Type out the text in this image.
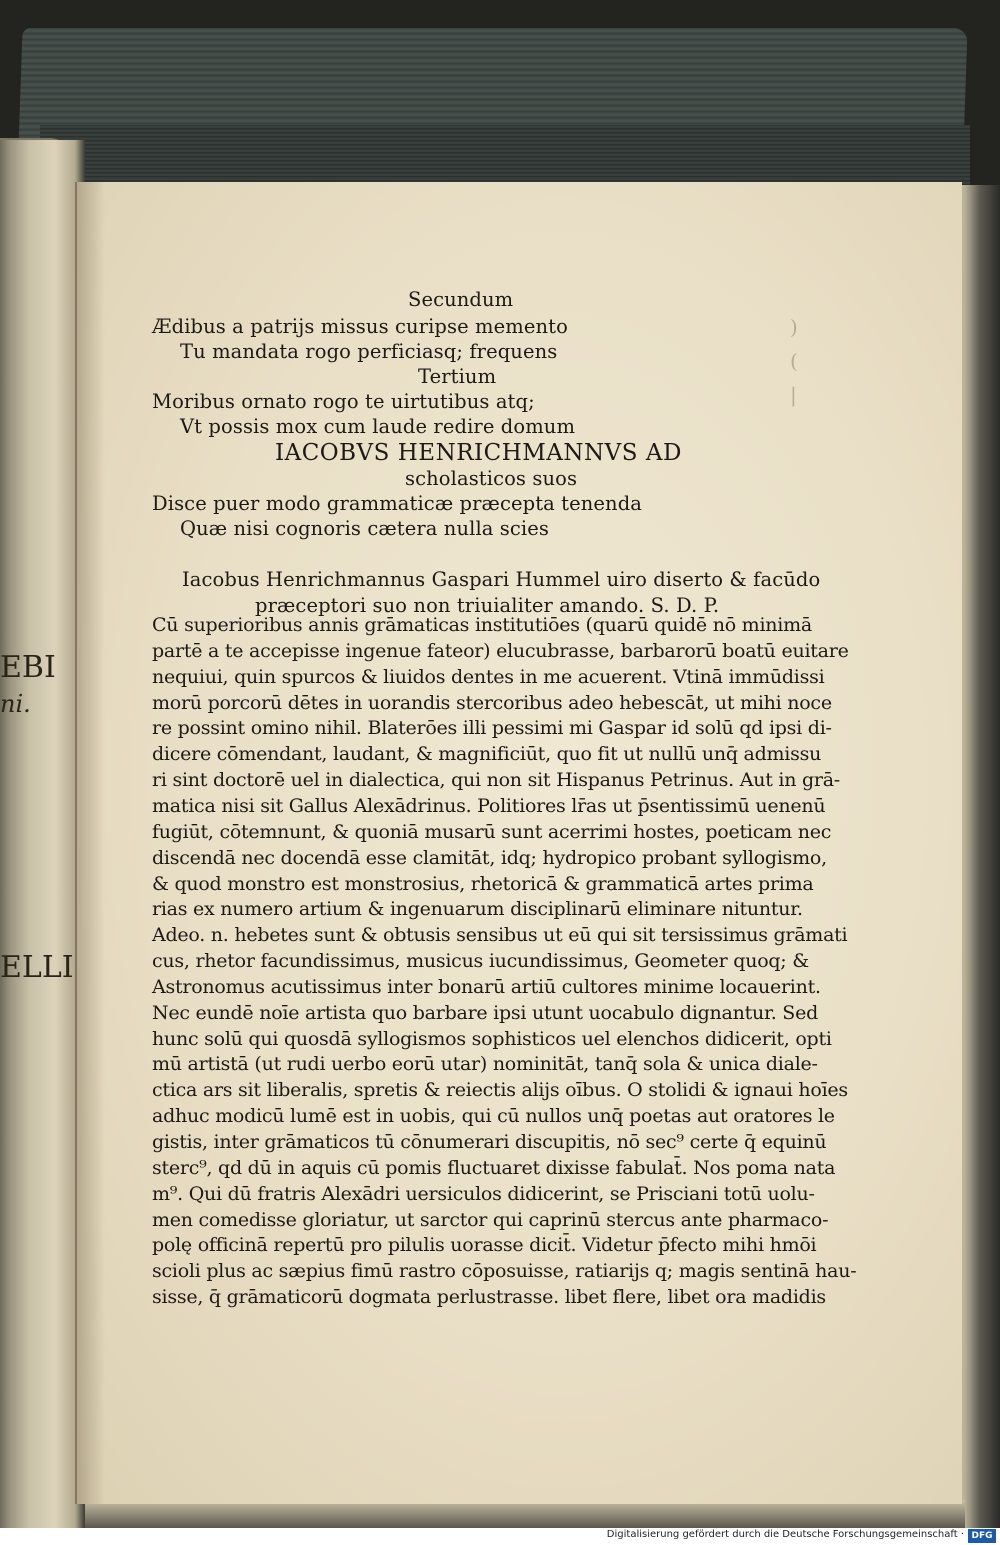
EBI
ni.
ELLI
)
(
|
Secundum
Ædibus a patrijs missus curipse memento
Tu mandata rogo perficiasq; frequens
Tertium
Moribus ornato rogo te uirtutibus atq;
Vt possis mox cum laude redire domum
IACOBVS HENRICHMANNVS AD
scholasticos suos
Disce puer modo grammaticæ præcepta tenenda
Quæ nisi cognoris cætera nulla scies
Iacobus Henrichmannus Gaspari Hummel uiro diserto & facūdo
præceptori suo non triuialiter amando. S. D. P.
Cū superioribus annis grāmaticas institutiōes (quarū quidē nō minimā
partē a te accepisse ingenue fateor) elucubrasse, barbarorū boatū euitare
nequiui, quin spurcos & liuidos dentes in me acuerent. Vtinā immūdissi
morū porcorū dētes in uorandis stercoribus adeo hebescāt, ut mihi noce
re possint omino nihil. Blaterōes illi pessimi mi Gaspar id solū qd ipsi di-
dicere cōmendant, laudant, & magnificiūt, quo fit ut nullū unq̄ admissu
ri sint doctorē uel in dialectica, qui non sit Hispanus Petrinus. Aut in grā-
matica nisi sit Gallus Alexādrinus. Politiores lr̄as ut p̄sentissimū uenenū
fugiūt, cōtemnunt, & quoniā musarū sunt acerrimi hostes, poeticam nec
discendā nec docendā esse clamitāt, idq; hydropico probant syllogismo,
& quod monstro est monstrosius, rhetoricā & grammaticā artes prima
rias ex numero artium & ingenuarum disciplinarū eliminare nituntur.
Adeo. n. hebetes sunt & obtusis sensibus ut eū qui sit tersissimus grāmati
cus, rhetor facundissimus, musicus iucundissimus, Geometer quoq; &
Astronomus acutissimus inter bonarū artiū cultores minime locauerint.
Nec eundē noīe artista quo barbare ipsi utunt uocabulo dignantur. Sed
hunc solū qui quosdā syllogismos sophisticos uel elenchos didicerit, opti
mū artistā (ut rudi uerbo eorū utar) nominitāt, tanq̄ sola & unica diale-
ctica ars sit liberalis, spretis & reiectis alijs oībus. O stolidi & ignaui hoīes
adhuc modicū lumē est in uobis, qui cū nullos unq̄ poetas aut oratores le
gistis, inter grāmaticos tū cōnumerari discupitis, nō sec⁹ certe q̄ equinū
sterc⁹, qd dū in aquis cū pomis fluctuaret dixisse fabulat̄. Nos poma nata
m⁹. Qui dū fratris Alexādri uersiculos didicerint, se Prisciani totū uolu-
men comedisse gloriatur, ut sarctor qui caprinū stercus ante pharmaco-
polę officinā repertū pro pilulis uorasse dicit̄. Videtur p̄fecto mihi hmōi
scioli plus ac sæpius fimū rastro cōposuisse, ratiarijs q; magis sentinā hau-
sisse, q̄ grāmaticorū dogmata perlustrasse. libet flere, libet ora madidis
Digitalisierung gefördert durch die Deutsche Forschungsgemeinschaft · DFG
